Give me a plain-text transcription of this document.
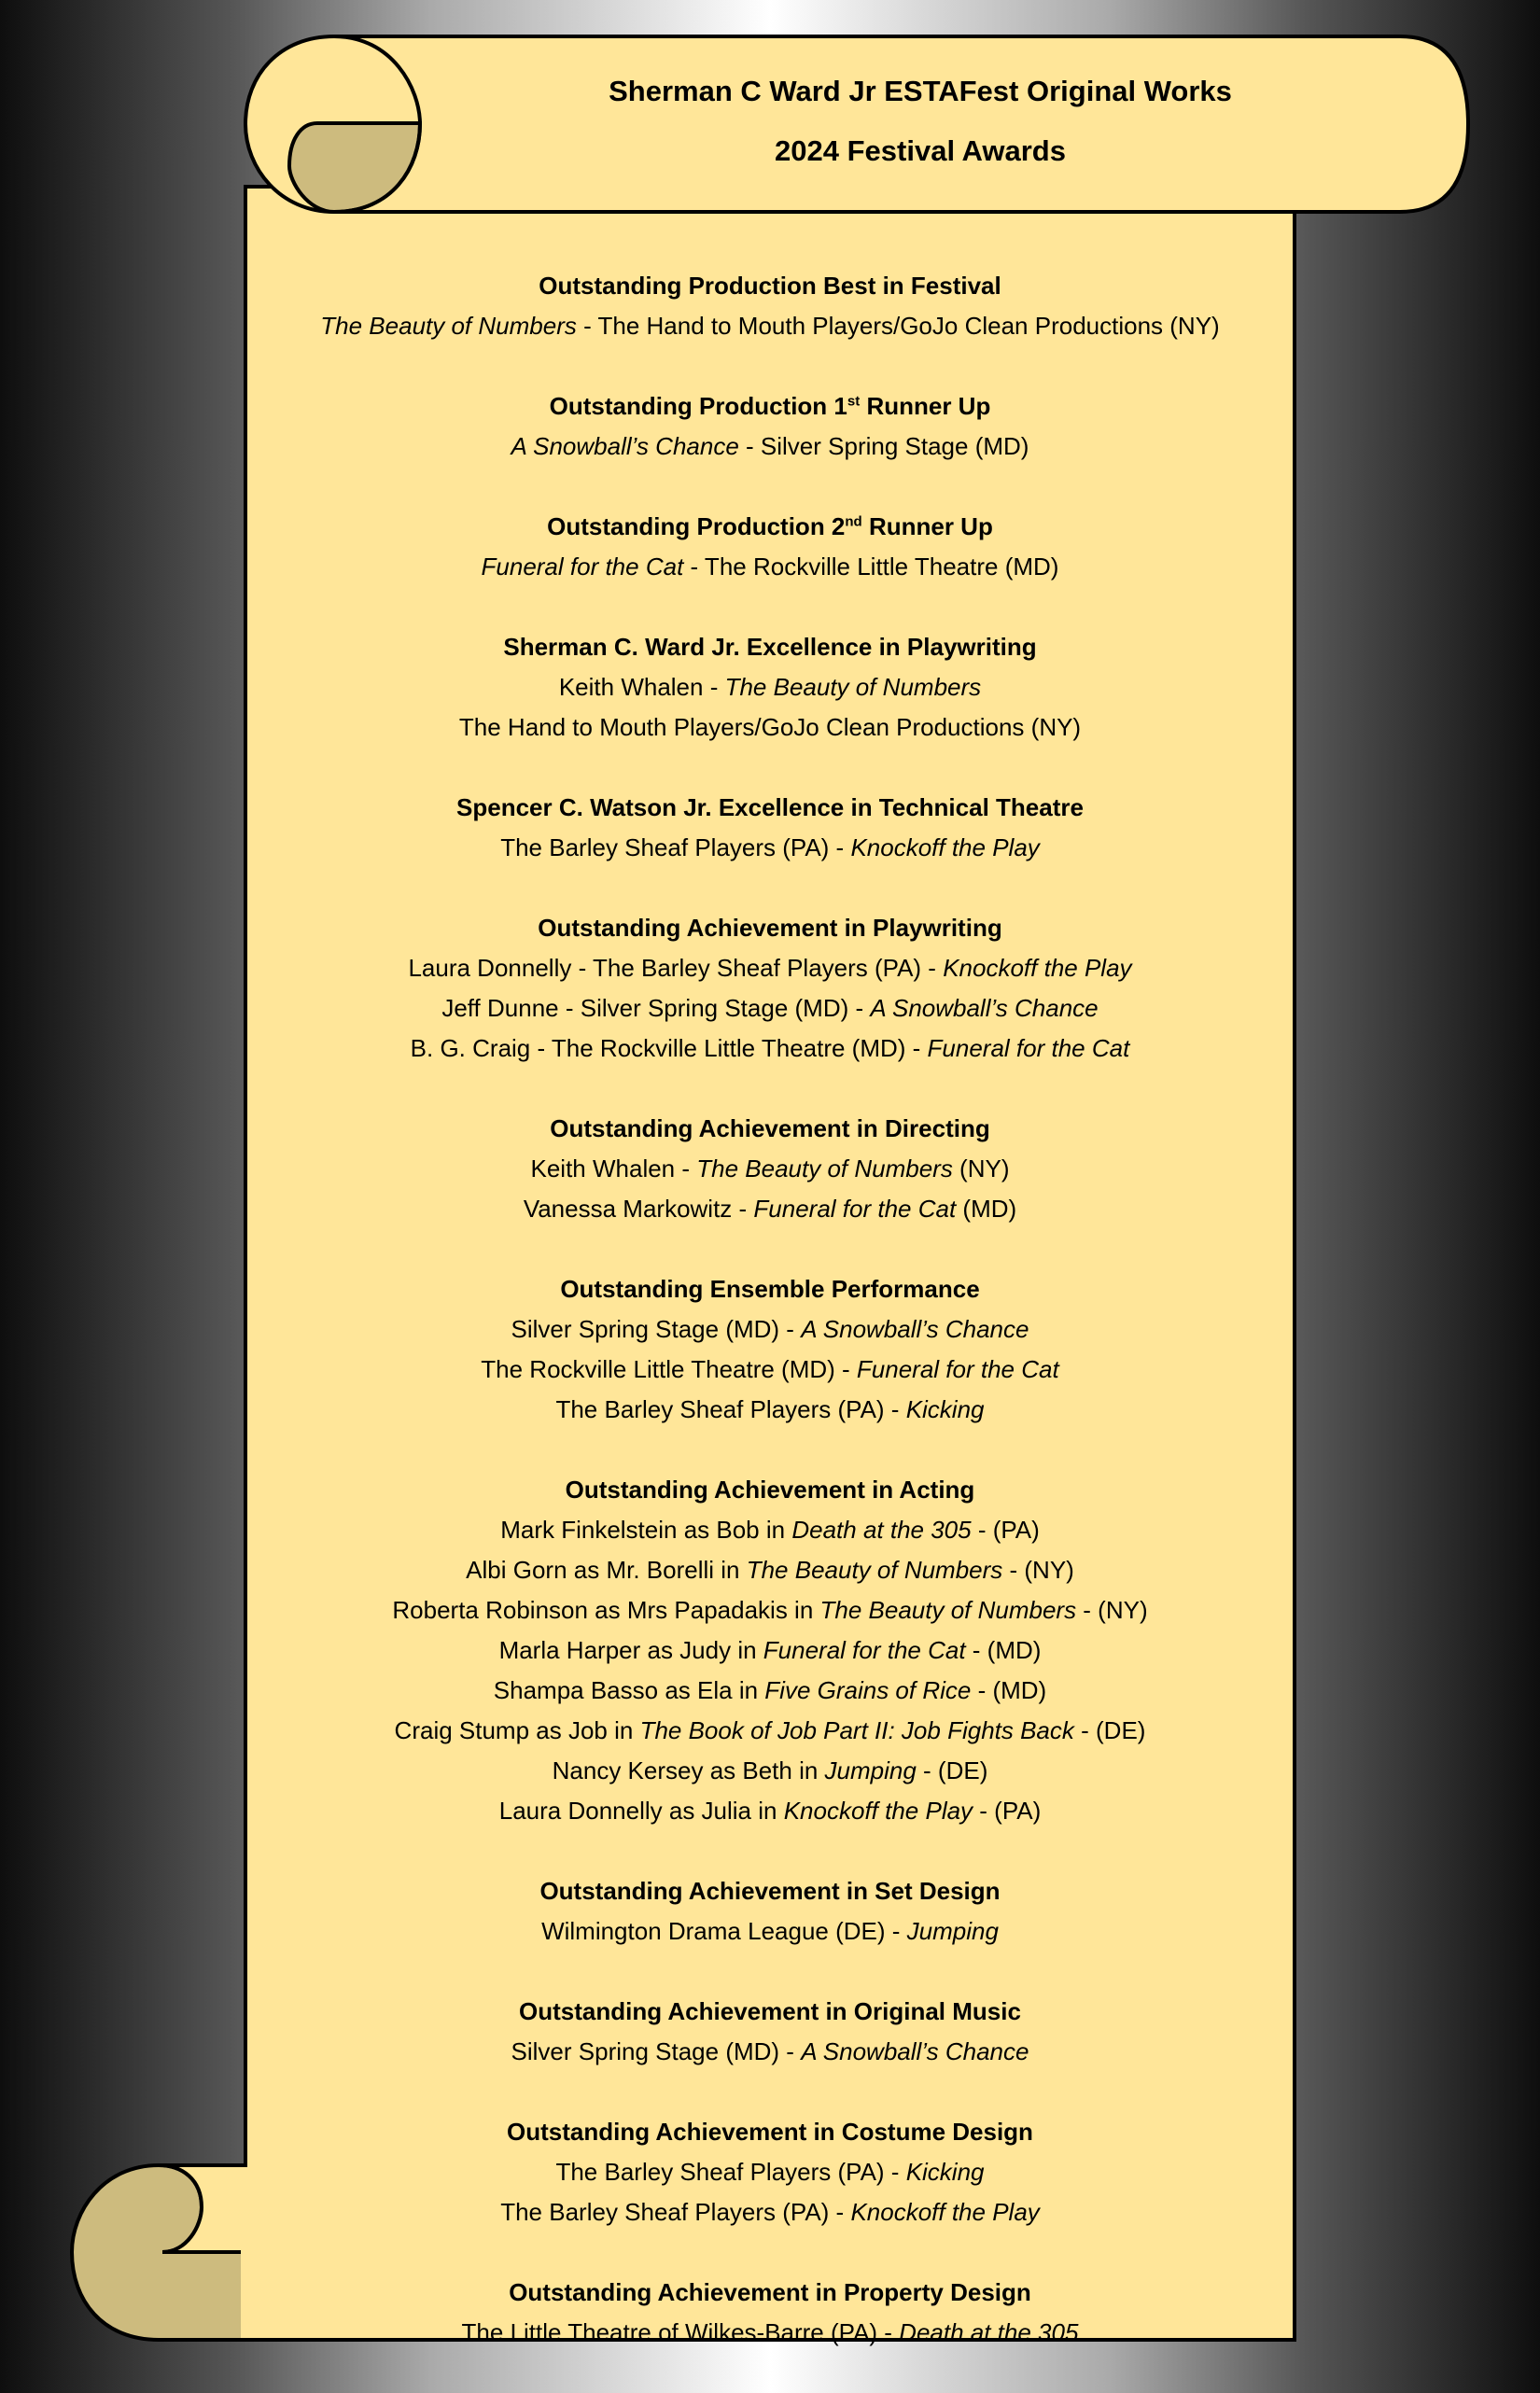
Sherman C Ward Jr ESTAFest Original Works
2024 Festival Awards
Outstanding Production Best in Festival
The Beauty of Numbers - The Hand to Mouth Players/GoJo Clean Productions (NY)
Outstanding Production 1st Runner Up
A Snowball’s Chance - Silver Spring Stage (MD)
Outstanding Production 2nd Runner Up
Funeral for the Cat - The Rockville Little Theatre (MD)
Sherman C. Ward Jr. Excellence in Playwriting
Keith Whalen - The Beauty of Numbers
The Hand to Mouth Players/GoJo Clean Productions (NY)
Spencer C. Watson Jr. Excellence in Technical Theatre
The Barley Sheaf Players (PA) - Knockoff the Play
Outstanding Achievement in Playwriting
Laura Donnelly - The Barley Sheaf Players (PA) - Knockoff the Play
Jeff Dunne - Silver Spring Stage (MD) - A Snowball’s Chance
B. G. Craig - The Rockville Little Theatre (MD) - Funeral for the Cat
Outstanding Achievement in Directing
Keith Whalen - The Beauty of Numbers (NY)
Vanessa Markowitz - Funeral for the Cat (MD)
Outstanding Ensemble Performance
Silver Spring Stage (MD) - A Snowball’s Chance
The Rockville Little Theatre (MD) - Funeral for the Cat
The Barley Sheaf Players (PA) - Kicking
Outstanding Achievement in Acting
Mark Finkelstein as Bob in Death at the 305 - (PA)
Albi Gorn as Mr. Borelli in The Beauty of Numbers - (NY)
Roberta Robinson as Mrs Papadakis in The Beauty of Numbers - (NY)
Marla Harper as Judy in Funeral for the Cat - (MD)
Shampa Basso as Ela in Five Grains of Rice - (MD)
Craig Stump as Job in The Book of Job Part II: Job Fights Back - (DE)
Nancy Kersey as Beth in Jumping - (DE)
Laura Donnelly as Julia in Knockoff the Play - (PA)
Outstanding Achievement in Set Design
Wilmington Drama League (DE) - Jumping
Outstanding Achievement in Original Music
Silver Spring Stage (MD) - A Snowball’s Chance
Outstanding Achievement in Costume Design
The Barley Sheaf Players (PA) - Kicking
The Barley Sheaf Players (PA) - Knockoff the Play
Outstanding Achievement in Property Design
The Little Theatre of Wilkes-Barre (PA) - Death at the 305
